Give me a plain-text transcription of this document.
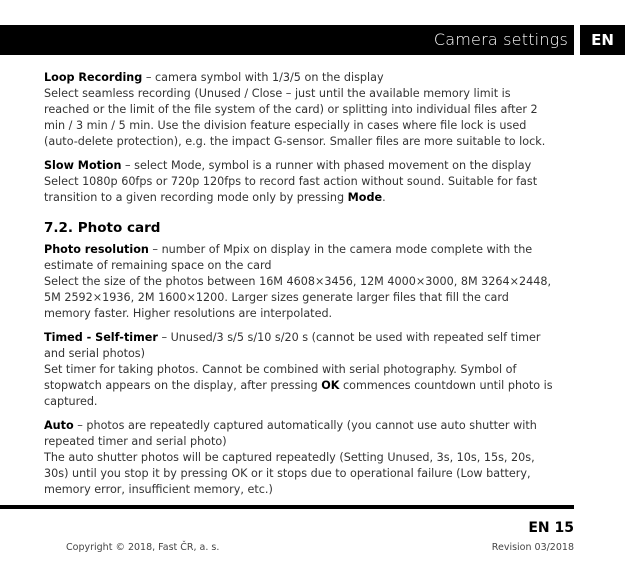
Camera settings	EN

Loop Recording – camera symbol with 1/3/5 on the display
Select seamless recording (Unused / Close – just until the available memory limit is reached or the limit of the file system of the card) or splitting into individual files after 2 min / 3 min / 5 min. Use the division feature especially in cases where file lock is used (auto-delete protection), e.g. the impact G-sensor. Smaller files are more suitable to lock.

Slow Motion – select Mode, symbol is a runner with phased movement on the display
Select 1080p 60fps or 720p 120fps to record fast action without sound. Suitable for fast transition to a given recording mode only by pressing Mode.

7.2. Photo card

Photo resolution – number of Mpix on display in the camera mode complete with the estimate of remaining space on the card
Select the size of the photos between 16M 4608×3456, 12M 4000×3000, 8M 3264×2448, 5M 2592×1936, 2M 1600×1200. Larger sizes generate larger files that fill the card memory faster. Higher resolutions are interpolated.

Timed - Self-timer – Unused/3 s/5 s/10 s/20 s (cannot be used with repeated self timer and serial photos)
Set timer for taking photos. Cannot be combined with serial photography. Symbol of stopwatch appears on the display, after pressing OK commences countdown until photo is captured.

Auto – photos are repeatedly captured automatically (you cannot use auto shutter with repeated timer and serial photo)
The auto shutter photos will be captured repeatedly (Setting Unused, 3s, 10s, 15s, 20s, 30s) until you stop it by pressing OK or it stops due to operational failure (Low battery, memory error, insufficient memory, etc.)

EN 15
Copyright © 2018, Fast ČR, a. s.	Revision 03/2018
